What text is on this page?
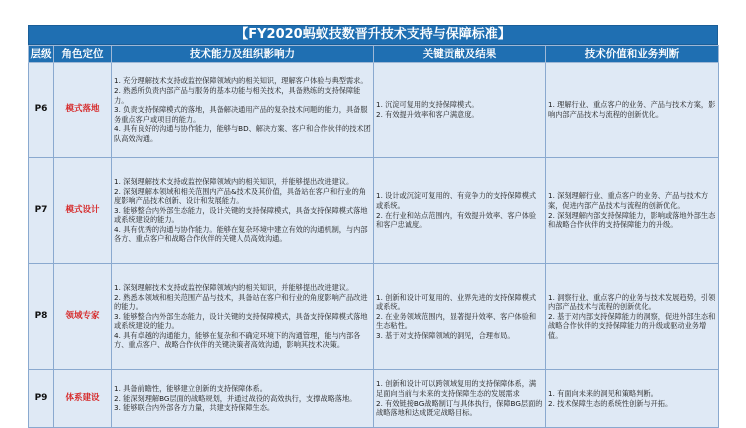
【FY2020蚂蚁技数晋升技术支持与保障标准】
层级	角色定位	技术能力及组织影响力	关键贡献及结果	技术价值和业务判断
P6	模式落地	1. 充分理解技术支持或监控保障领域内的相关知识，理解客户体验与典型需求。
2. 熟悉所负责内部产品与服务的基本功能与相关技术，具备熟练的支持保障能力。
3. 负责支持保障模式的落地，具备解决通用产品的复杂技术问题的能力，具备服务重点客户或项目的能力。
4. 具有良好的沟通与协作能力，能够与BD、解决方案、客户和合作伙伴的技术团队高效沟通。	1. 沉淀可复用的支持保障模式。
2. 有效提升效率和客户满意度。	1. 理解行业、重点客户的业务、产品与技术方案，影响内部产品技术与流程的创新优化。

P7	模式设计	1. 深刻理解技术支持或监控保障领域内的相关知识，并能够提出改进建议。
2. 深刻理解本领域和相关范围内产品&技术及其价值，具备站在客户和行业的角度影响产品技术创新、设计和发展能力。
3. 能够整合内外部生态能力，设计关键的支持保障模式，具备支持保障模式落地或系统建设的能力。
4. 具有优秀的沟通与协作能力。能够在复杂环境中建立有效的沟通机制，与内部各方、重点客户和战略合作伙伴的关键人员高效沟通。	1. 设计或沉淀可复用的、有竞争力的支持保障模式或系统。
2. 在行业和站点范围内，有效提升效率、客户体验和客户忠诚度。	1. 深刻理解行业、重点客户的业务、产品与技术方案，促进内部产品技术与流程的创新优化。
2. 深刻理解内部支持保障能力，影响或落地外部生态和战略合作伙伴的支持保障能力的升级。

P8	领域专家	1. 深刻理解技术支持或监控保障领域内的相关知识，并能够提出改进建议。
2. 熟悉本领域和相关范围产品与技术，具备站在客户和行业的角度影响产品改进的能力。
3. 能够整合内外部生态能力，设计关键的支持保障模式，具备支持保障模式落地或系统建设的能力。
4. 具有卓越的沟通能力，能够在复杂和不确定环境下的沟通管理，能与内部各方、重点客户、战略合作伙伴的关键决策者高效沟通，影响其技术决策。	1. 创新和设计可复用的、业界先进的支持保障模式或系统。
2. 在业务领域范围内，显著提升效率、客户体验和生态粘性。
3. 基于对支持保障领域的洞见，合理布局。	1. 洞察行业、重点客户的业务与技术发展趋势，引领内部产品技术与流程的创新优化。
2. 基于对内部支持保障能力的洞察，促进外部生态和战略合作伙伴的支持保障能力的升级或驱动业务增值。

P9	体系建设	1. 具备前瞻性，能够建立创新的支持保障体系。
2. 能深刻理解BG层面的战略规划，并通过战役的高效执行，支撑战略落地。
3. 能够联合内外部各方力量，共建支持保障生态。	1. 创新和设计可以跨领域复用的支持保障体系，满足面向当前与未来的支持保障生态的发展需求
2. 有效链接BG战略制订与具体执行，保障BG层面的战略落地和达成既定战略目标。	1. 有面向未来的洞见和策略判断。
2. 技术保障生态的系统性创新与开拓。
